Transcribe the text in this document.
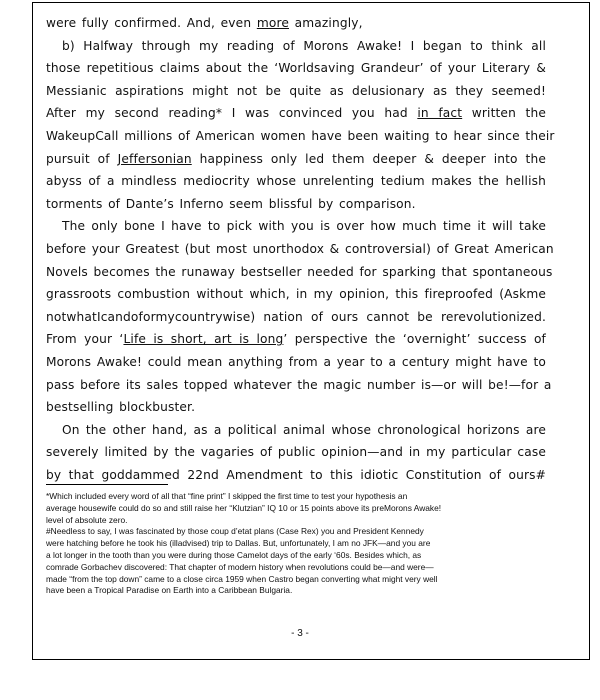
were fully confirmed. And, even more amazingly,
b) Halfway through my reading of Morons Awake! I began to think all
those repetitious claims about the ‘Worldsaving Grandeur’ of your Literary &
Messianic aspirations might not be quite as delusionary as they seemed!
After my second reading* I was convinced you had in fact written the
WakeupCall millions of American women have been waiting to hear since their
pursuit of Jeffersonian happiness only led them deeper & deeper into the
abyss of a mindless mediocrity whose unrelenting tedium makes the hellish
torments of Dante’s Inferno seem blissful by comparison.
The only bone I have to pick with you is over how much time it will take
before your Greatest (but most unorthodox & controversial) of Great American
Novels becomes the runaway bestseller needed for sparking that spontaneous
grassroots combustion without which, in my opinion, this fireproofed (Askme
notwhatIcandoformycountrywise) nation of ours cannot be rerevolutionized.
From your ‘Life is short, art is long’ perspective the ‘overnight’ success of
Morons Awake! could mean anything from a year to a century might have to
pass before its sales topped whatever the magic number is—or will be!—for a
bestselling blockbuster.
On the other hand, as a political animal whose chronological horizons are
severely limited by the vagaries of public opinion—and in my particular case
by that goddammed 22nd Amendment to this idiotic Constitution of ours#
*Which included every word of all that “fine print” I skipped the first time to test your hypothesis an
average housewife could do so and still raise her “Klutzian” IQ 10 or 15 points above its preMorons Awake!
level of absolute zero.
#Needless to say, I was fascinated by those coup d’etat plans (Case Rex) you and President Kennedy
were hatching before he took his (illadvised) trip to Dallas. But, unfortunately, I am no JFK—and you are
a lot longer in the tooth than you were during those Camelot days of the early ‘60s. Besides which, as
comrade Gorbachev discovered: That chapter of modern history when revolutions could be—and were—
made “from the top down” came to a close circa 1959 when Castro began converting what might very well
have been a Tropical Paradise on Earth into a Caribbean Bulgaria.
- 3 -
